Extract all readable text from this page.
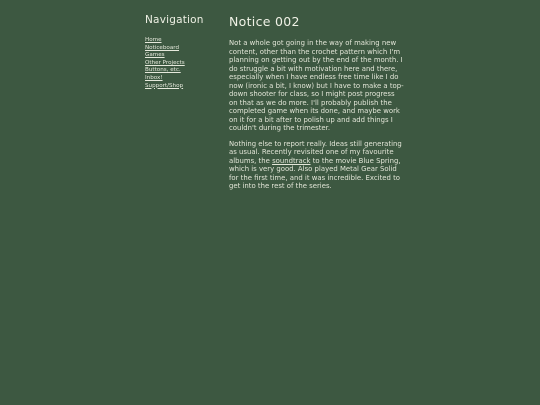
Navigation
Home
Noticeboard
Games
Other Projects
Buttons, etc.
Inbox!
Support/Shop
Notice 002

Not a whole got going in the way of making new content, other than the crochet pattern which I'm planning on getting out by the end of the month. I do struggle a bit with motivation here and there, especially when I have endless free time like I do now (ironic a bit, I know) but I have to make a top-down shooter for class, so I might post progress on that as we do more. I'll probably publish the completed game when its done, and maybe work on it for a bit after to polish up and add things I couldn't during the trimester.

Nothing else to report really. Ideas still generating as usual. Recently revisited one of my favourite albums, the soundtrack to the movie Blue Spring, which is very good. Also played Metal Gear Solid for the first time, and it was incredible. Excited to get into the rest of the series.
